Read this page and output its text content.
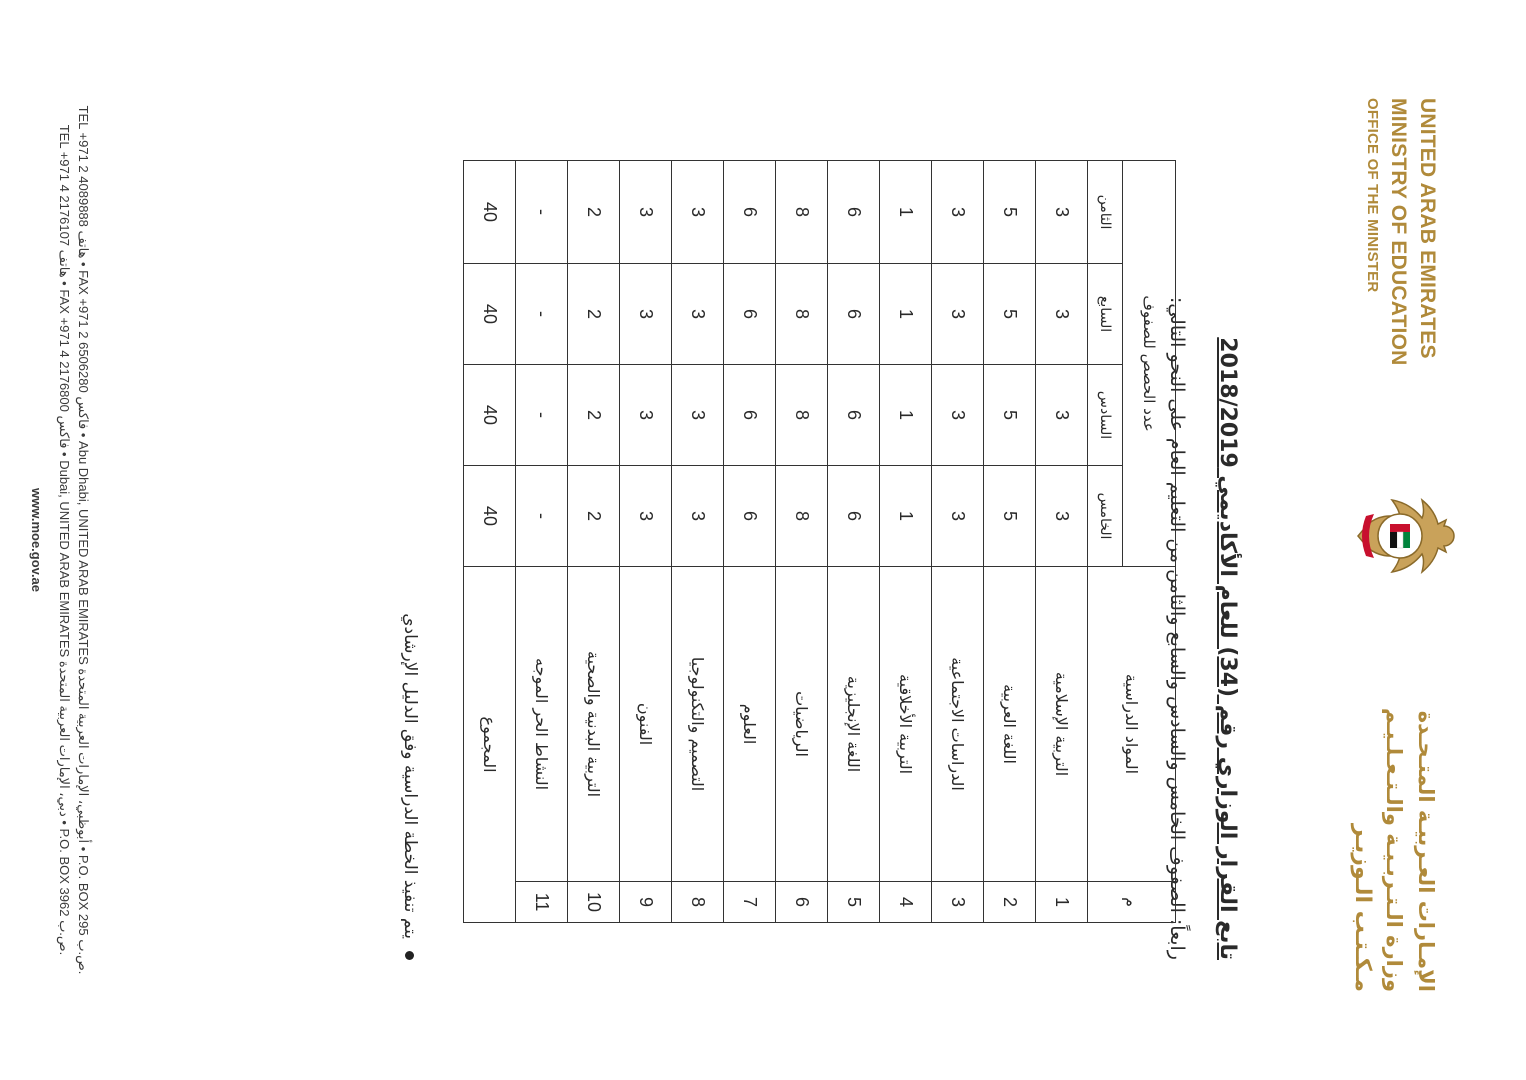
الإمـارات العـربيـة المتـحـدة
وزارة الـتـربـيـة والـتـعـلـيـم
مـكـتـب الـوزيـر
UNITED ARAB EMIRATES
MINISTRY OF EDUCATION
OFFICE OF THE MINISTER
تابع القرار الوزاري رقم (34) للعام الأكاديمي 2018/2019
رابعاً: الصفوف الخامس والسادس والسابع والثامن من التعليم العام على النحو التالي:
م	المواد الدراسية	عدد الحصص للصفوف			
		الخامس	السادس	السابع	الثامن
1	التربية الإسلامية	3	3	3	3
2	اللغة العربية	5	5	5	5
3	الدراسات الاجتماعية	3	3	3	3
4	التربية الأخلاقية	1	1	1	1
5	اللغة الإنجليزية	6	6	6	6
6	الرياضيات	8	8	8	8
7	العلوم	6	6	6	6
8	التصميم والتكنولوجيا	3	3	3	3
9	الفنون	3	3	3	3
10	التربية البدنية والصحية	2	2	2	2
11	النشاط الحر الموجه	-	-	-	-
المجموع		40	40	40	40
يتم تنفيذ الخطة الدراسية وفق الدليل الإرشادي
TEL +971 2 4089888 هاتف • FAX +971 2 6506280 فاكس • Abu Dhabi, UNITED ARAB EMIRATES أبوظبي، الإمارات العربية المتحدة • P.O. BOX 295 ص.ب.
TEL +971 4 2176107 هاتف • FAX +971 4 2176800 فاكس • Dubai, UNITED ARAB EMIRATES دبي، الإمارات العربية المتحدة • P.O. BOX 3962 ص.ب.
www.moe.gov.ae
